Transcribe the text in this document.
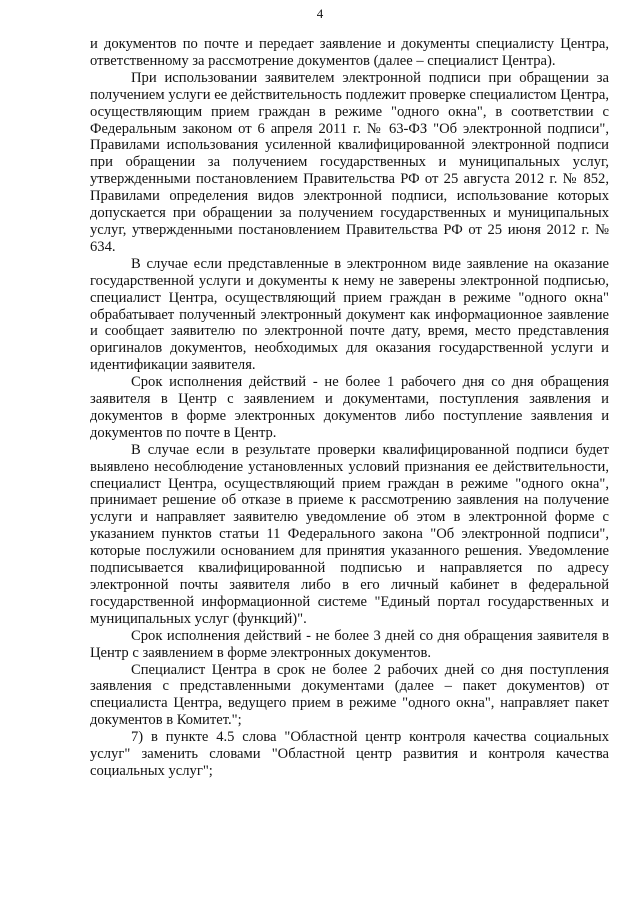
4

и документов по почте и передает заявление и документы специалисту Центра, ответственному за рассмотрение документов (далее – специалист Центра).

При использовании заявителем электронной подписи при обращении за получением услуги ее действительность подлежит проверке специалистом Центра, осуществляющим прием граждан в режиме "одного окна", в соответствии с Федеральным законом от 6 апреля 2011 г. № 63-ФЗ "Об электронной подписи", Правилами использования усиленной квалифицированной электронной подписи при обращении за получением государственных и муниципальных услуг, утвержденными постановлением Правительства РФ от 25 августа 2012 г. № 852, Правилами определения видов электронной подписи, использование которых допускается при обращении за получением государственных и муниципальных услуг, утвержденными постановлением Правительства РФ от 25 июня 2012 г. № 634.

В случае если представленные в электронном виде заявление на оказание государственной услуги и документы к нему не заверены электронной подписью, специалист Центра, осуществляющий прием граждан в режиме "одного окна" обрабатывает полученный электронный документ как информационное заявление и сообщает заявителю по электронной почте дату, время, место представления оригиналов документов, необходимых для оказания государственной услуги и идентификации заявителя.

Срок исполнения действий - не более 1 рабочего дня со дня обращения заявителя в Центр с заявлением и документами, поступления заявления и документов в форме электронных документов либо поступление заявления и документов по почте в Центр.

В случае если в результате проверки квалифицированной подписи будет выявлено несоблюдение установленных условий признания ее действительности, специалист Центра, осуществляющий прием граждан в режиме "одного окна", принимает решение об отказе в приеме к рассмотрению заявления на получение услуги и направляет заявителю уведомление об этом в электронной форме с указанием пунктов статьи 11 Федерального закона "Об электронной подписи", которые послужили основанием для принятия указанного решения. Уведомление подписывается квалифицированной подписью и направляется по адресу электронной почты заявителя либо в его личный кабинет в федеральной государственной информационной системе "Единый портал государственных и муниципальных услуг (функций)".

Срок исполнения действий - не более 3 дней со дня обращения заявителя в Центр с заявлением в форме электронных документов.

Специалист Центра в срок не более 2 рабочих дней со дня поступления заявления с представленными документами (далее – пакет документов) от специалиста Центра, ведущего прием в режиме "одного окна", направляет пакет документов в Комитет.";

7) в пункте 4.5 слова "Областной центр контроля качества социальных услуг" заменить словами "Областной центр развития и контроля качества социальных услуг";
